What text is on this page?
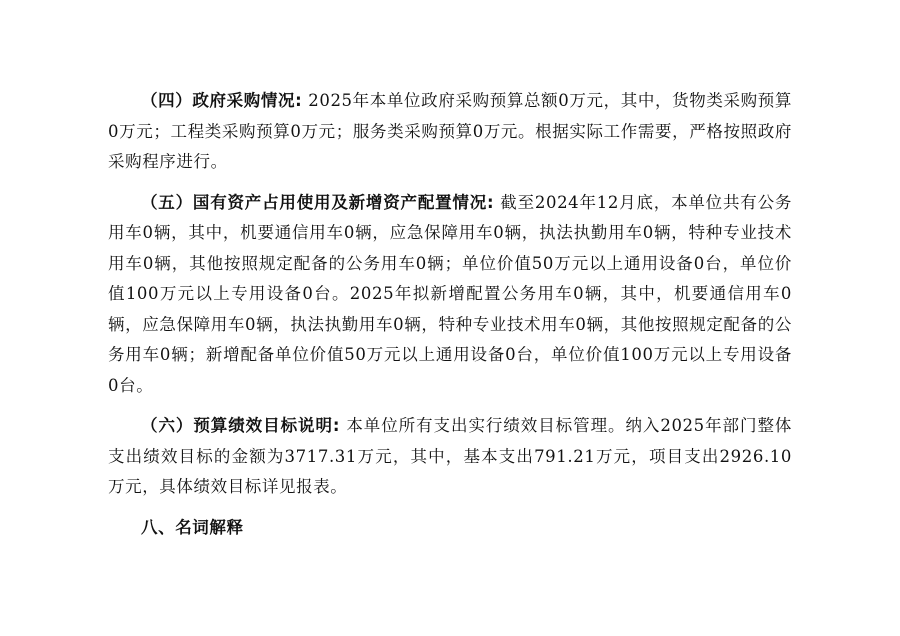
（四）政府采购情况: 2025年本单位政府采购预算总额0万元，其中，货物类采购预算0万元；工程类采购预算0万元；服务类采购预算0万元。根据实际工作需要，严格按照政府采购程序进行。

（五）国有资产占用使用及新增资产配置情况: 截至2024年12月底，本单位共有公务用车0辆，其中，机要通信用车0辆，应急保障用车0辆，执法执勤用车0辆，特种专业技术用车0辆，其他按照规定配备的公务用车0辆；单位价值50万元以上通用设备0台，单位价值100万元以上专用设备0台。2025年拟新增配置公务用车0辆，其中，机要通信用车0辆，应急保障用车0辆，执法执勤用车0辆，特种专业技术用车0辆，其他按照规定配备的公务用车0辆；新增配备单位价值50万元以上通用设备0台，单位价值100万元以上专用设备0台。

（六）预算绩效目标说明: 本单位所有支出实行绩效目标管理。纳入2025年部门整体支出绩效目标的金额为3717.31万元，其中，基本支出791.21万元，项目支出2926.10万元，具体绩效目标详见报表。

八、名词解释
